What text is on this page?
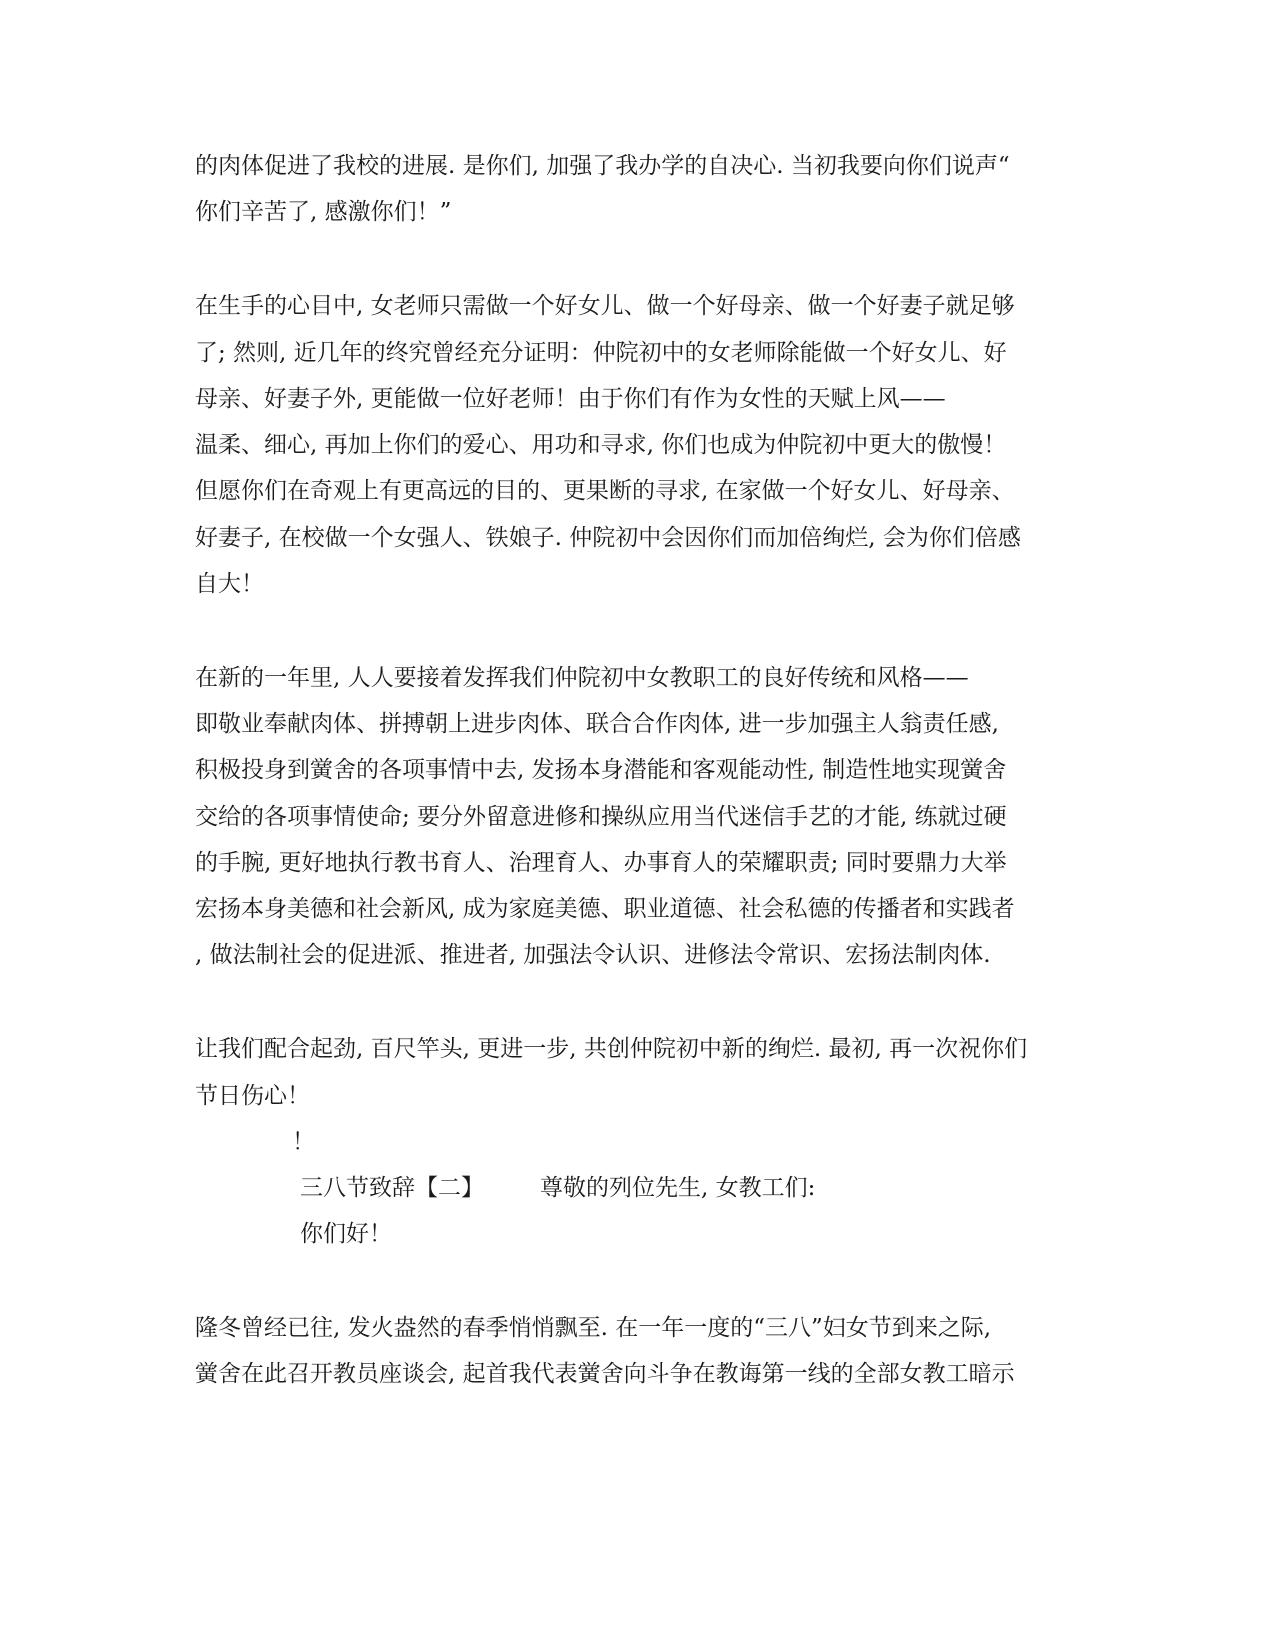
的肉体促进了我校的进展. 是你们, 加强了我办学的自决心. 当初我要向你们说声“
你们辛苦了, 感激你们！”
在生手的心目中, 女老师只需做一个好女儿、做一个好母亲、做一个好妻子就足够
了; 然则, 近几年的终究曾经充分证明：仲院初中的女老师除能做一个好女儿、好
母亲、好妻子外, 更能做一位好老师！由于你们有作为女性的天赋上风——
温柔、细心, 再加上你们的爱心、用功和寻求, 你们也成为仲院初中更大的傲慢！
但愿你们在奇观上有更高远的目的、更果断的寻求, 在家做一个好女儿、好母亲、
好妻子, 在校做一个女强人、铁娘子. 仲院初中会因你们而加倍绚烂, 会为你们倍感
自大！
在新的一年里, 人人要接着发挥我们仲院初中女教职工的良好传统和风格——
即敬业奉献肉体、拼搏朝上进步肉体、联合合作肉体, 进一步加强主人翁责任感,
积极投身到黉舍的各项事情中去, 发扬本身潜能和客观能动性, 制造性地实现黉舍
交给的各项事情使命; 要分外留意进修和操纵应用当代迷信手艺的才能, 练就过硬
的手腕, 更好地执行教书育人、治理育人、办事育人的荣耀职责; 同时要鼎力大举
宏扬本身美德和社会新风, 成为家庭美德、职业道德、社会私德的传播者和实践者
, 做法制社会的促进派、推进者, 加强法令认识、进修法令常识、宏扬法制肉体.
让我们配合起劲, 百尺竿头, 更进一步, 共创仲院初中新的绚烂. 最初, 再一次祝你们
节日伤心！
！
三八节致辞【二】 尊敬的列位先生, 女教工们:
你们好！
隆冬曾经已往, 发火盎然的春季悄悄飘至. 在一年一度的“三八”妇女节到来之际,
黉舍在此召开教员座谈会, 起首我代表黉舍向斗争在教诲第一线的全部女教工暗示
